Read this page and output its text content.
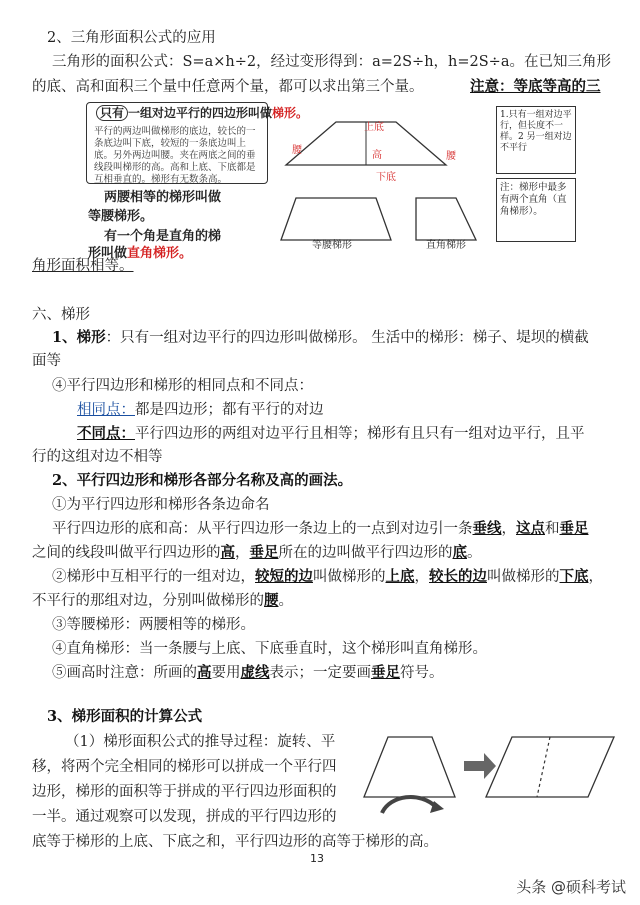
2、三角形面积公式的应用
三角形的面积公式：S=a×h÷2，经过变形得到：a=2S÷h，h=2S÷a。在已知三角形
的底、高和面积三个量中任意两个量，都可以求出第三个量。	注意：等底等高的三
只有 一组对边平行的四边形叫做梯形。
平行的两边叫做梯形的底边，较长的一条底边叫下底，较短的一条底边叫上底。另外两边叫腰。夹在两底之间的垂线段叫梯形的高。高和上底、下底都是互相垂直的。梯形有无数条高。
两腰相等的梯形叫做
等腰梯形。
有一个角是直角的梯
形叫做直角梯形。
上底
腰
腰
高
下底
等腰梯形	直角梯形
1.只有一组对边平行，但长度不一样。2 另一组对边不平行
注：梯形中最多有两个直角（直角梯形）。
角形面积相等。
六、梯形
1、梯形：只有一组对边平行的四边形叫做梯形。 生活中的梯形：梯子、堤坝的横截
面等
④平行四边形和梯形的相同点和不同点：
相同点：都是四边形；都有平行的对边
不同点：平行四边形的两组对边平行且相等；梯形有且只有一组对边平行，且平
行的这组对边不相等
2、平行四边形和梯形各部分名称及高的画法。
①为平行四边形和梯形各条边命名
平行四边形的底和高：从平行四边形一条边上的一点到对边引一条垂线，这点和垂足
之间的线段叫做平行四边形的高，垂足所在的边叫做平行四边形的底。
②梯形中互相平行的一组对边，较短的边叫做梯形的上底，较长的边叫做梯形的下底，
不平行的那组对边，分别叫做梯形的腰。
③等腰梯形：两腰相等的梯形。
④直角梯形：当一条腰与上底、下底垂直时，这个梯形叫直角梯形。
⑤画高时注意：所画的高要用虚线表示；一定要画垂足符号。
3、梯形面积的计算公式
（1）梯形面积公式的推导过程：旋转、平
移，将两个完全相同的梯形可以拼成一个平行四
边形，梯形的面积等于拼成的平行四边形面积的
一半。通过观察可以发现，拼成的平行四边形的
底等于梯形的上底、下底之和，平行四边形的高等于梯形的高。
13
头条 @硕科考试
